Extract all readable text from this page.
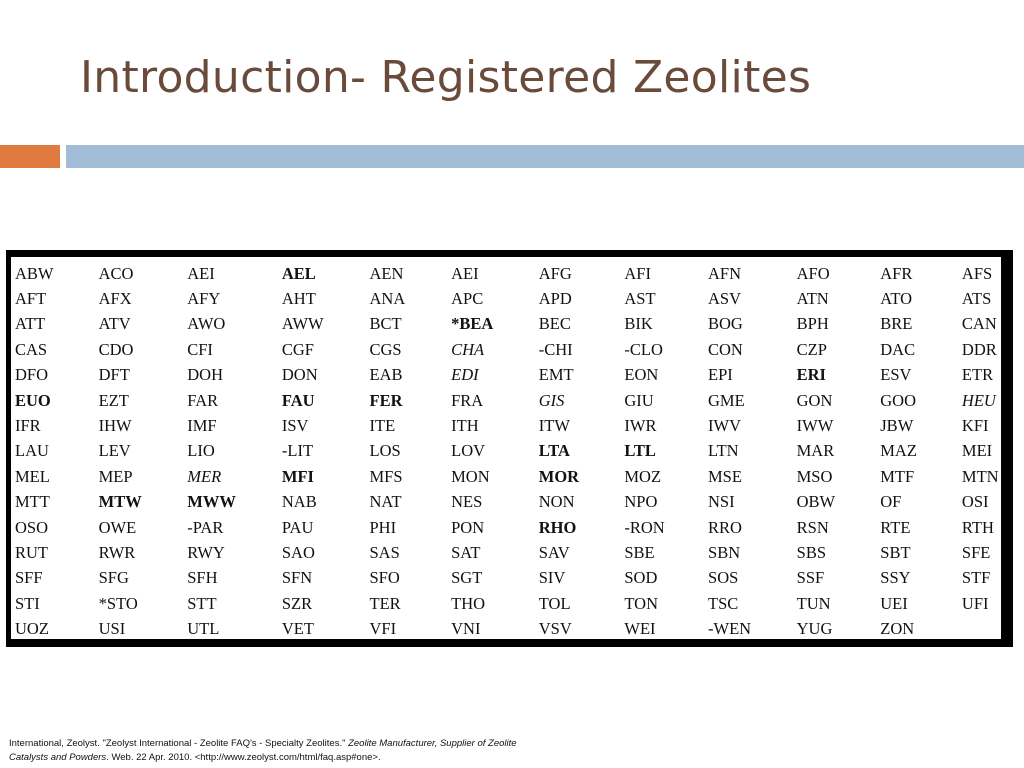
Introduction- Registered Zeolites
ABW	ACO	AEI	AEL	AEN	AEI	AFG	AFI	AFN	AFO	AFR	AFS
AFT	AFX	AFY	AHT	ANA	APC	APD	AST	ASV	ATN	ATO	ATS
ATT	ATV	AWO	AWW	BCT	*BEA	BEC	BIK	BOG	BPH	BRE	CAN
CAS	CDO	CFI	CGF	CGS	CHA	-CHI	-CLO	CON	CZP	DAC	DDR
DFO	DFT	DOH	DON	EAB	EDI	EMT	EON	EPI	ERI	ESV	ETR
EUO	EZT	FAR	FAU	FER	FRA	GIS	GIU	GME	GON	GOO	HEU
IFR	IHW	IMF	ISV	ITE	ITH	ITW	IWR	IWV	IWW	JBW	KFI
LAU	LEV	LIO	-LIT	LOS	LOV	LTA	LTL	LTN	MAR	MAZ	MEI
MEL	MEP	MER	MFI	MFS	MON	MOR	MOZ	MSE	MSO	MTF	MTN
MTT	MTW	MWW	NAB	NAT	NES	NON	NPO	NSI	OBW	OF	OSI
OSO	OWE	-PAR	PAU	PHI	PON	RHO	-RON	RRO	RSN	RTE	RTH
RUT	RWR	RWY	SAO	SAS	SAT	SAV	SBE	SBN	SBS	SBT	SFE
SFF	SFG	SFH	SFN	SFO	SGT	SIV	SOD	SOS	SSF	SSY	STF
STI	*STO	STT	SZR	TER	THO	TOL	TON	TSC	TUN	UEI	UFI
UOZ	USI	UTL	VET	VFI	VNI	VSV	WEI	-WEN	YUG	ZON	
International, Zeolyst. "Zeolyst International - Zeolite FAQ's - Specialty Zeolites." Zeolite Manufacturer, Supplier of Zeolite
Catalysts and Powders. Web. 22 Apr. 2010. <http://www.zeolyst.com/html/faq.asp#one>.
